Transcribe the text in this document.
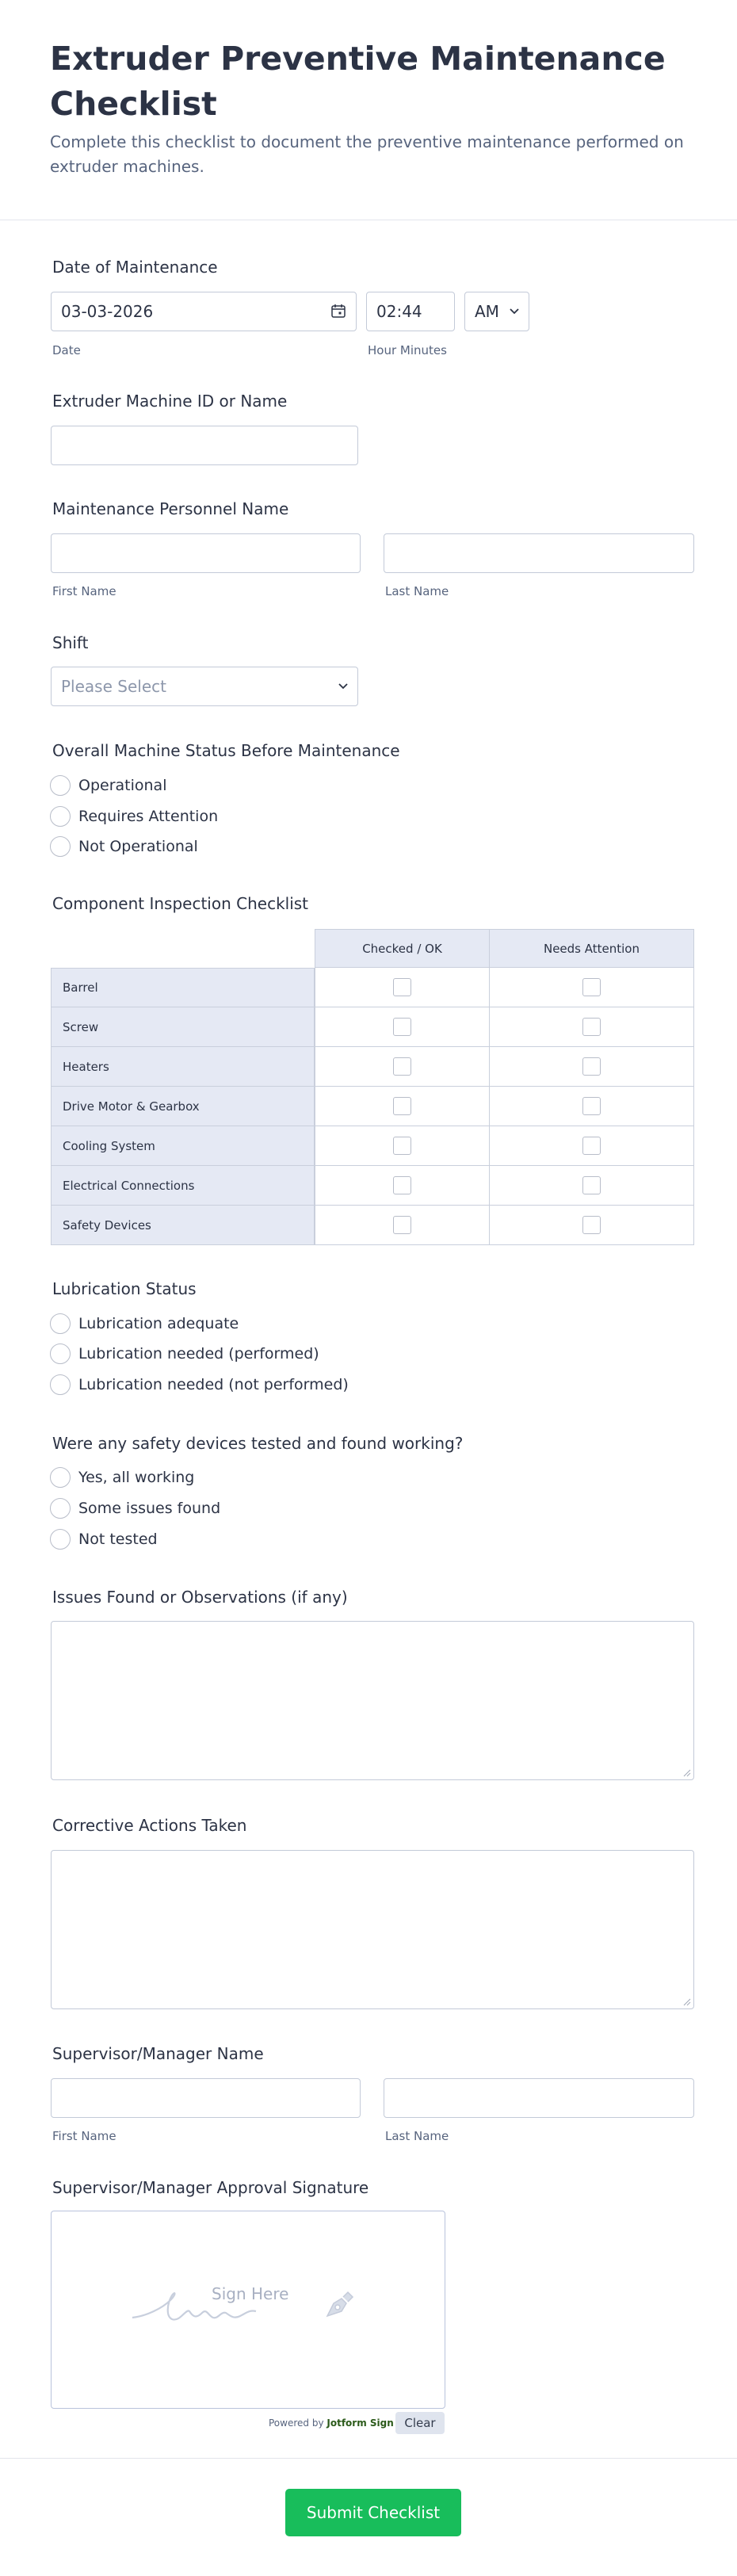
Extruder Preventive Maintenance Checklist
Complete this checklist to document the preventive maintenance performed on extruder machines.
Date of Maintenance
03-03-2026
Date
02:44
Hour Minutes
AM
Extruder Machine ID or Name
Maintenance Personnel Name
First Name	Last Name
Shift
Please Select
Overall Machine Status Before Maintenance
Operational
Requires Attention
Not Operational
Component Inspection Checklist
Checked / OK	Needs Attention
Barrel
Screw
Heaters
Drive Motor & Gearbox
Cooling System
Electrical Connections
Safety Devices
Lubrication Status
Lubrication adequate
Lubrication needed (performed)
Lubrication needed (not performed)
Were any safety devices tested and found working?
Yes, all working
Some issues found
Not tested
Issues Found or Observations (if any)
Corrective Actions Taken
Supervisor/Manager Name
First Name	Last Name
Supervisor/Manager Approval Signature
Sign Here
Powered by Jotform Sign Clear
Submit Checklist
